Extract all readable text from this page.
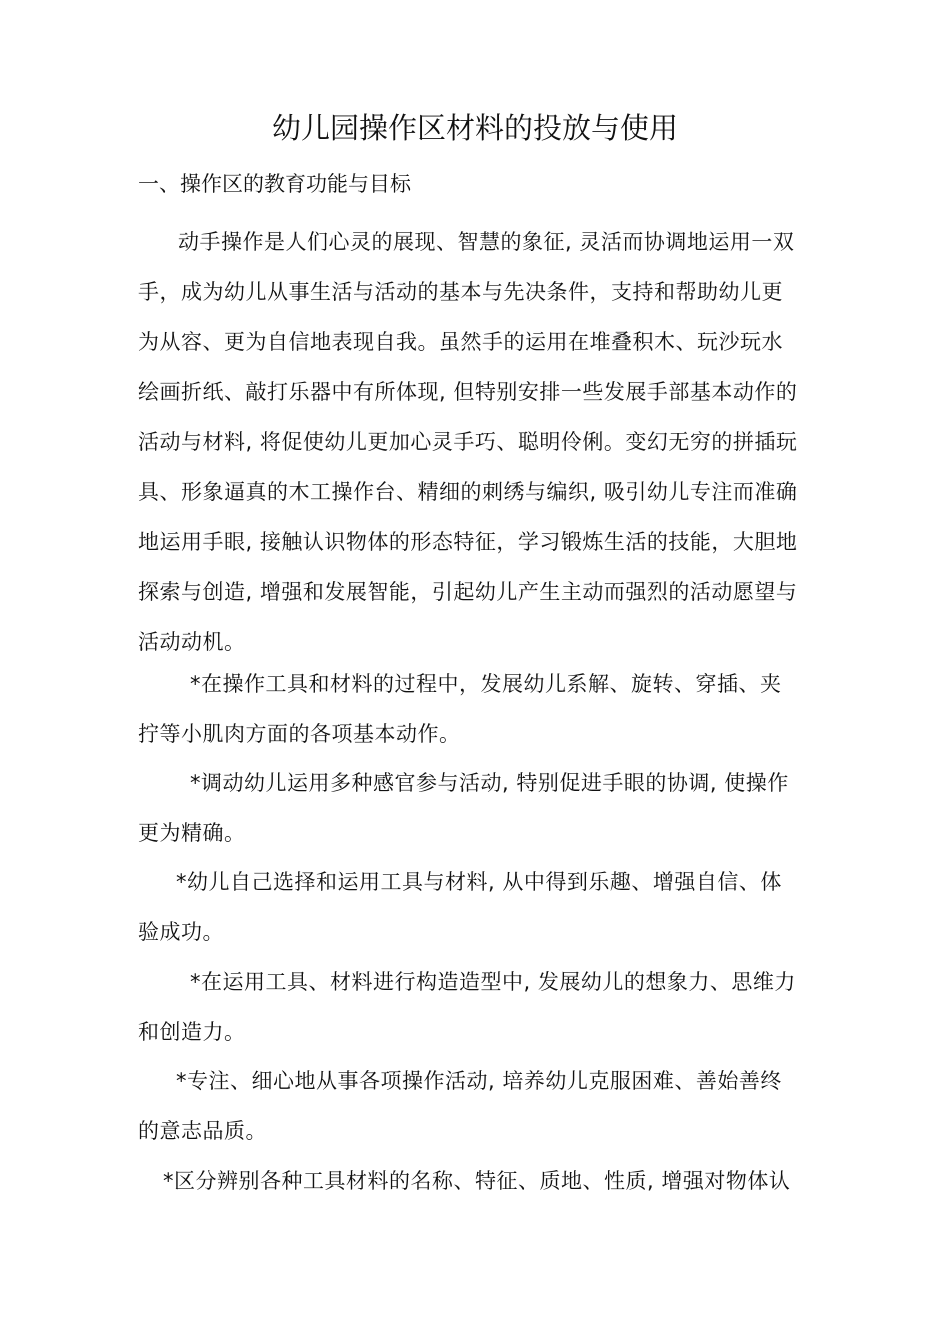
幼儿园操作区材料的投放与使用
一、操作区的教育功能与目标

动手操作是人们心灵的展现、智慧的象征, 灵活而协调地运用一双
手，成为幼儿从事生活与活动的基本与先决条件，支持和帮助幼儿更
为从容、更为自信地表现自我。虽然手的运用在堆叠积木、玩沙玩水
绘画折纸、敲打乐器中有所体现, 但特别安排一些发展手部基本动作的
活动与材料, 将促使幼儿更加心灵手巧、聪明伶俐。变幻无穷的拼插玩
具、形象逼真的木工操作台、精细的刺绣与编织, 吸引幼儿专注而准确
地运用手眼, 接触认识物体的形态特征，学习锻炼生活的技能，大胆地
探索与创造, 增强和发展智能，引起幼儿产生主动而强烈的活动愿望与
活动动机。

*在操作工具和材料的过程中，发展幼儿系解、旋转、穿插、夹
拧等小肌肉方面的各项基本动作。

*调动幼儿运用多种感官参与活动, 特别促进手眼的协调, 使操作
更为精确。

*幼儿自己选择和运用工具与材料, 从中得到乐趣、增强自信、体
验成功。

*在运用工具、材料进行构造造型中, 发展幼儿的想象力、思维力
和创造力。

*专注、细心地从事各项操作活动, 培养幼儿克服困难、善始善终
的意志品质。

*区分辨别各种工具材料的名称、特征、质地、性质, 增强对物体认
